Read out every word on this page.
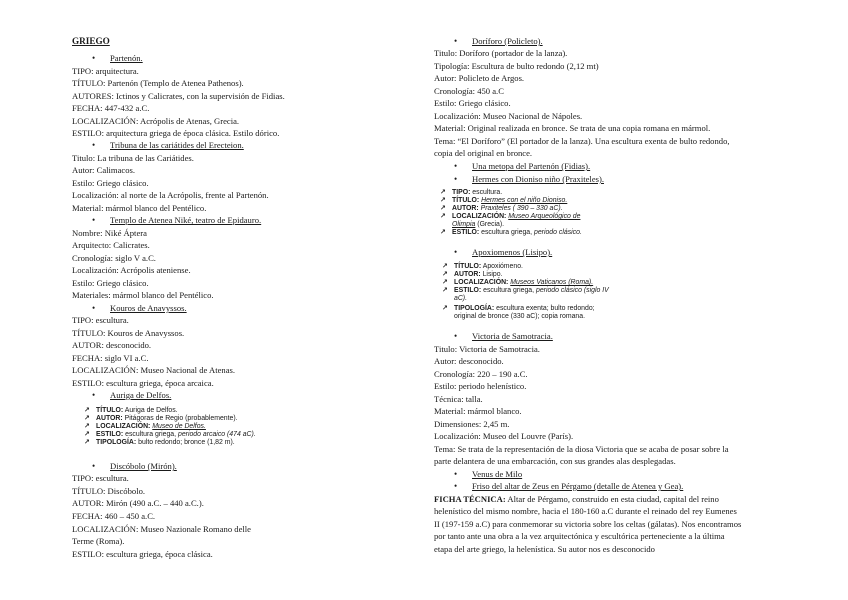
GRIEGO
• Partenón.
TIPO: arquitectura.
TÍTULO: Partenón (Templo de Atenea Pathenos).
AUTORES: Ictinos y Calicrates, con la supervisión de Fidias.
FECHA: 447-432 a.C.
LOCALIZACIÓN: Acrópolis de Atenas, Grecia.
ESTILO: arquitectura griega de época clásica. Estilo dórico.
• Tribuna de las cariátides del Erecteion.
Titulo: La tribuna de las Cariátides.
Autor: Calimacos.
Estilo: Griego clásico.
Localización: al norte de la Acrópolis, frente al Partenón.
Material: mármol blanco del Pentélico.
• Templo de Atenea Niké, teatro de Epidauro.
Nombre: Niké Áptera
Arquitecto: Calicrates.
Cronología: siglo V a.C.
Localización: Acrópolis ateniense.
Estilo: Griego clásico.
Materiales: mármol blanco del Pentélico.
• Kouros de Anavyssos.
TIPO: escultura.
TÍTULO: Kouros de Anavyssos.
AUTOR: desconocido.
FECHA: siglo VI a.C.
LOCALIZACIÓN: Museo Nacional de Atenas.
ESTILO: escultura griega, época arcaica.
• Auriga de Delfos.
↗ TÍTULO: Auriga de Delfos.
↗ AUTOR: Pitágoras de Regio (probablemente).
↗ LOCALIZACIÓN: Museo de Delfos.
↗ ESTILO: escultura griega, periodo arcaico (474 aC).
↗ TIPOLOGÍA: bulto redondo; bronce (1,82 m).
• Discóbolo (Mirón).
TIPO: escultura.
TÍTULO: Discóbolo.
AUTOR: Mirón (490 a.C. – 440 a.C.).
FECHA: 460 – 450 a.C.
LOCALIZACIÓN: Museo Nazionale Romano delle
Terme (Roma).
ESTILO: escultura griega, época clásica.
• Doríforo (Policleto).
Titulo: Doríforo (portador de la lanza).
Tipología: Escultura de bulto redondo (2,12 mt)
Autor: Policleto de Argos.
Cronología: 450 a.C
Estilo: Griego clásico.
Localización: Museo Nacional de Nápoles.
Material: Original realizada en bronce. Se trata de una copia romana en mármol.
Tema: “El Doríforo” (El portador de la lanza). Una escultura exenta de bulto redondo,
copia del original en bronce.
• Una metopa del Partenón (Fidias).
• Hermes con Dioniso niño (Praxiteles).
↗ TIPO: escultura.
↗ TÍTULO: Hermes con el niño Dioniso.
↗ AUTOR: Praxiteles ( 390 – 330 aC).
↗ LOCALIZACIÓN: Museo Arqueológico de
Olimpia (Grecia).
↗ ESTILO: escultura griega, periodo clásico.
• Apoxiomenos (Lisipo).
↗ TÍTULO: Apoxiómeno.
↗ AUTOR: Lisipo.
↗ LOCALIZACIÓN: Museos Vaticanos (Roma).
↗ ESTILO: escultura griega, periodo clásico (siglo IV
aC).
↗ TIPOLOGÍA: escultura exenta; bulto redondo;
original de bronce (330 aC); copia romana.
• Victoria de Samotracia.
Titulo: Victoria de Samotracia.
Autor: desconocido.
Cronología: 220 – 190 a.C.
Estilo: periodo helenístico.
Técnica: talla.
Material: mármol blanco.
Dimensiones: 2,45 m.
Localización: Museo del Louvre (París).
Tema: Se trata de la representación de la diosa Victoria que se acaba de posar sobre la
parte delantera de una embarcación, con sus grandes alas desplegadas.
• Venus de Milo
• Friso del altar de Zeus en Pérgamo (detalle de Atenea y Gea).
FICHA TÉCNICA: Altar de Pérgamo, construido en esta ciudad, capital del reino
helenístico del mismo nombre, hacia el 180-160 a.C durante el reinado del rey Eumenes
II (197-159 a.C) para conmemorar su victoria sobre los celtas (gálatas). Nos encontramos
por tanto ante una obra a la vez arquitectónica y escultórica perteneciente a la última
etapa del arte griego, la helenística. Su autor nos es desconocido
